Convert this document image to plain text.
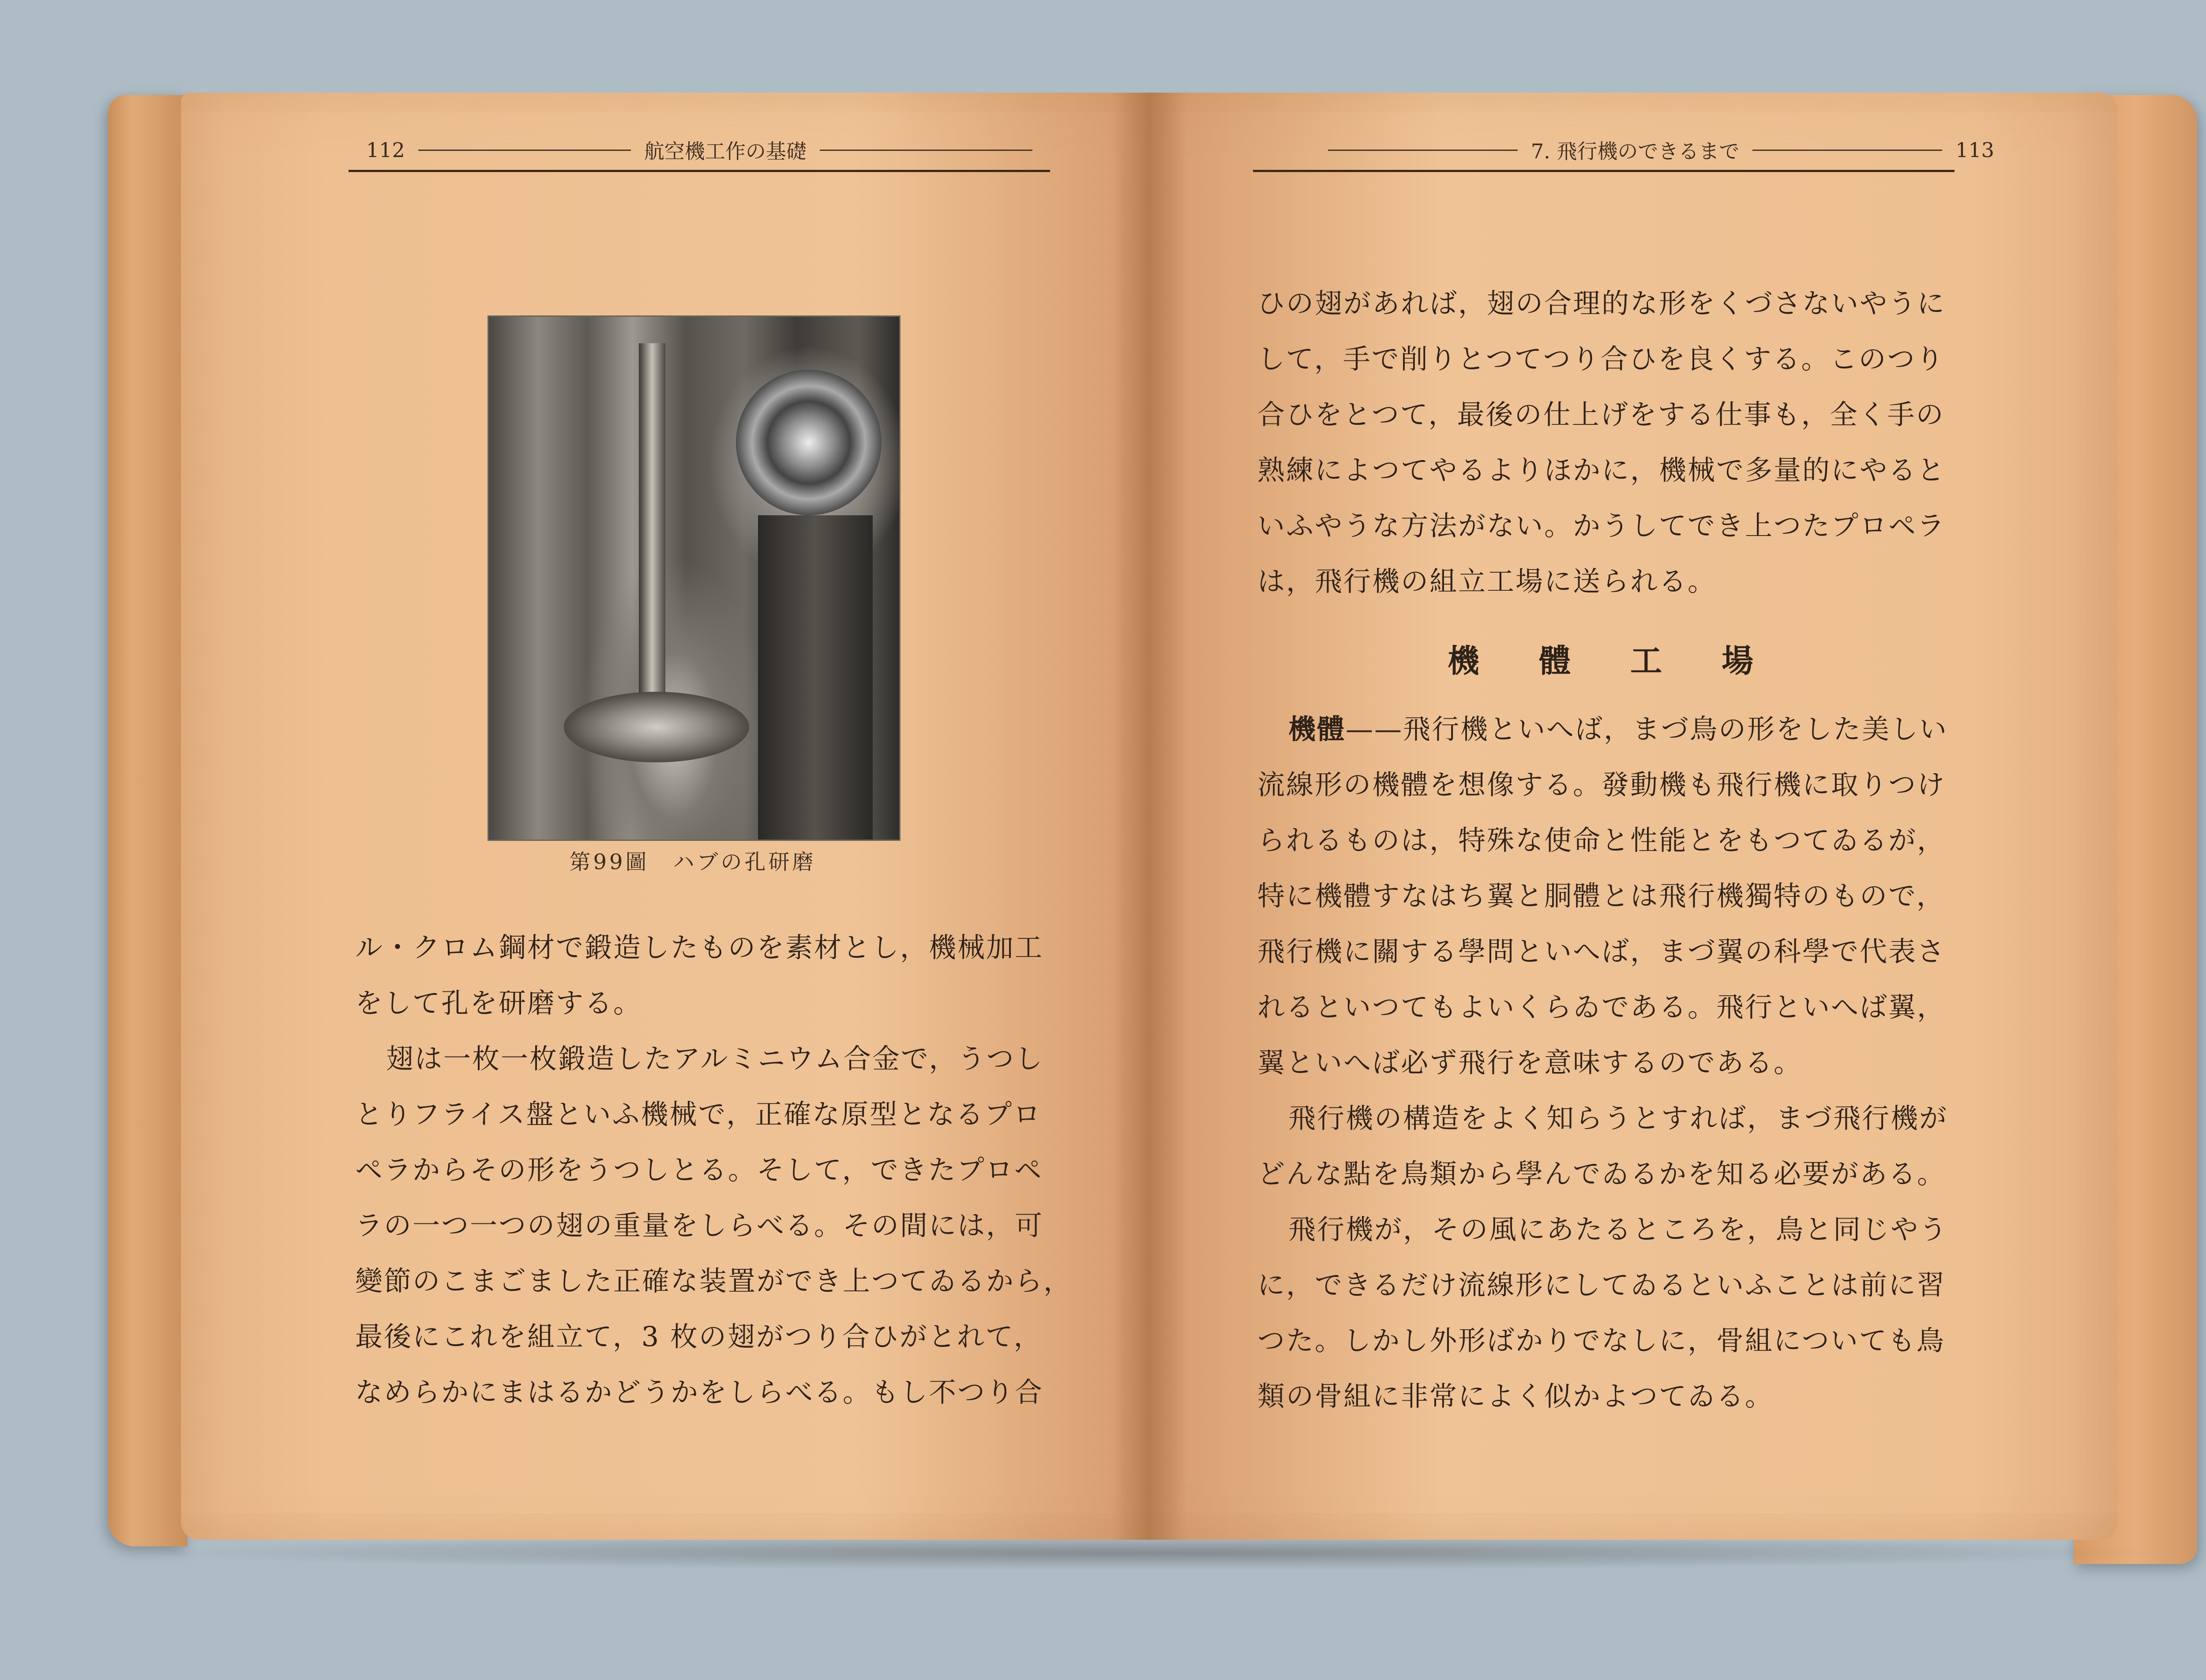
112	航空機工作の基礎	7. 飛行機のできるまで	113
第99圖　ハブの孔研磨
ル・クロム鋼材で鍛造したものを素材とし，機械加工
をして孔を研磨する。
翅は一枚一枚鍛造したアルミニウム合金で，うつし
とりフライス盤といふ機械で，正確な原型となるプロ
ペラからその形をうつしとる。そして，できたプロペ
ラの一つ一つの翅の重量をしらべる。その間には，可
變節のこまごました正確な装置ができ上つてゐるから，
最後にこれを組立て，3 枚の翅がつり合ひがとれて，
なめらかにまはるかどうかをしらべる。もし不つり合
ひの翅があれば，翅の合理的な形をくづさないやうに
して，手で削りとつてつり合ひを良くする。このつり
合ひをとつて，最後の仕上げをする仕事も，全く手の
熟練によつてやるよりほかに，機械で多量的にやると
いふやうな方法がない。かうしてでき上つたプロペラ
は，飛行機の組立工場に送られる。
機 體 工 場
機體——飛行機といへば，まづ鳥の形をした美しい
流線形の機體を想像する。發動機も飛行機に取りつけ
られるものは，特殊な使命と性能とをもつてゐるが，
特に機體すなはち翼と胴體とは飛行機獨特のもので，
飛行機に關する學問といへば，まづ翼の科學で代表さ
れるといつてもよいくらゐである。飛行といへば翼，
翼といへば必ず飛行を意味するのである。
飛行機の構造をよく知らうとすれば，まづ飛行機が
どんな點を鳥類から學んでゐるかを知る必要がある。
飛行機が，その風にあたるところを，鳥と同じやう
に，できるだけ流線形にしてゐるといふことは前に習
つた。しかし外形ばかりでなしに，骨組についても鳥
類の骨組に非常によく似かよつてゐる。
